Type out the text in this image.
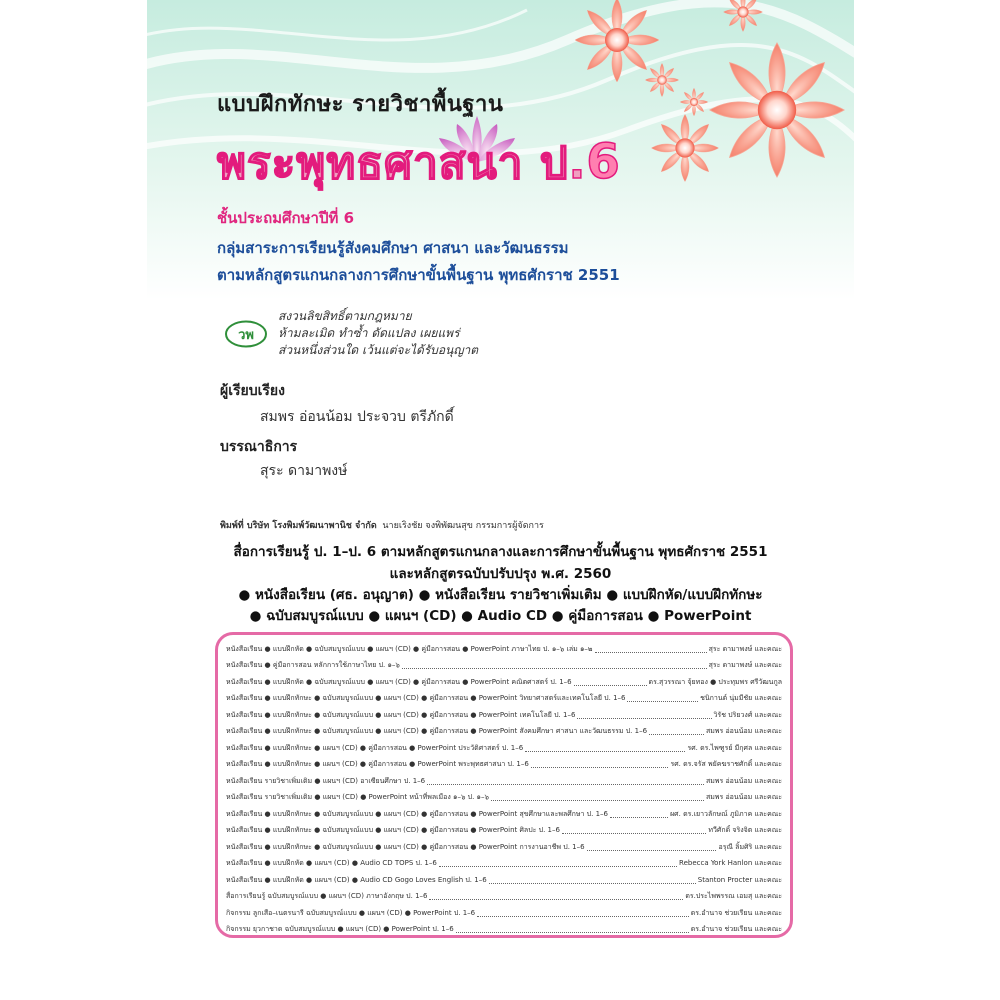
แบบฝึกทักษะ รายวิชาพื้นฐาน
พระพุทธศาสนา ป.6
ชั้นประถมศึกษาปีที่ 6
กลุ่มสาระการเรียนรู้สังคมศึกษา ศาสนา และวัฒนธรรม
ตามหลักสูตรแกนกลางการศึกษาขั้นพื้นฐาน พุทธศักราช 2551
วพ
สงวนลิขสิทธิ์ตามกฎหมาย
ห้ามละเมิด ทำซ้ำ ดัดแปลง เผยแพร่
ส่วนหนึ่งส่วนใด เว้นแต่จะได้รับอนุญาต
ผู้เรียบเรียง
สมพร อ่อนน้อม ประจวบ ตรีภักดี์
บรรณาธิการ
สุระ ดามาพงษ์
พิมพ์ที่ บริษัท โรงพิมพ์วัฒนาพานิช จำกัด นายเริงชัย จงพิพัฒนสุข กรรมการผู้จัดการ
สื่อการเรียนรู้ ป. 1–ป. 6 ตามหลักสูตรแกนกลางและการศึกษาขั้นพื้นฐาน พุทธศักราช 2551
และหลักสูตรฉบับปรับปรุง พ.ศ. 2560
● หนังสือเรียน (ศธ. อนุญาต) ● หนังสือเรียน รายวิชาเพิ่มเติม ● แบบฝึกหัด/แบบฝึกทักษะ
● ฉบับสมบูรณ์แบบ ● แผนฯ (CD) ● Audio CD ● คู่มือการสอน ● PowerPoint
หนังสือเรียน ● แบบฝึกหัด ● ฉบับสมบูรณ์แบบ ● แผนฯ (CD) ● คู่มือการสอน ● PowerPoint ภาษาไทย ป. ๑–๖ เล่ม ๑–๒	สุระ ดามาพงษ์ และคณะ
หนังสือเรียน ● คู่มือการสอน หลักการใช้ภาษาไทย ป. ๑–๖	สุระ ดามาพงษ์ และคณะ
หนังสือเรียน ● แบบฝึกหัด ● ฉบับสมบูรณ์แบบ ● แผนฯ (CD) ● คู่มือการสอน ● PowerPoint คณิตศาสตร์ ป. 1–6	ดร.สุวรรณา จุ้ยทอง ● ประทุมพร ศรีวัฒนกูล
หนังสือเรียน ● แบบฝึกทักษะ ● ฉบับสมบูรณ์แบบ ● แผนฯ (CD) ● คู่มือการสอน ● PowerPoint วิทยาศาสตร์และเทคโนโลยี ป. 1–6	ชนิกานต์ นุ่มมีชัย และคณะ
หนังสือเรียน ● แบบฝึกทักษะ ● ฉบับสมบูรณ์แบบ ● แผนฯ (CD) ● คู่มือการสอน ● PowerPoint เทคโนโลยี ป. 1–6	วิรัช ปริยวงศ์ และคณะ
หนังสือเรียน ● แบบฝึกทักษะ ● ฉบับสมบูรณ์แบบ ● แผนฯ (CD) ● คู่มือการสอน ● PowerPoint สังคมศึกษา ศาสนา และวัฒนธรรม ป. 1–6	สมพร อ่อนน้อม และคณะ
หนังสือเรียน ● แบบฝึกทักษะ ● แผนฯ (CD) ● คู่มือการสอน ● PowerPoint ประวัติศาสตร์ ป. 1–6	รศ. ดร.ไพฑูรย์ มีกุศล และคณะ
หนังสือเรียน ● แบบฝึกทักษะ ● แผนฯ (CD) ● คู่มือการสอน ● PowerPoint พระพุทธศาสนา ป. 1–6	รศ. ดร.จรัส พยัคฆราชศักดิ์ และคณะ
หนังสือเรียน รายวิชาเพิ่มเติม ● แผนฯ (CD) อาเซียนศึกษา ป. 1–6	สมพร อ่อนน้อม และคณะ
หนังสือเรียน รายวิชาเพิ่มเติม ● แผนฯ (CD) ● PowerPoint หน้าที่พลเมือง ๑–๖ ป. ๑–๖	สมพร อ่อนน้อม และคณะ
หนังสือเรียน ● แบบฝึกทักษะ ● ฉบับสมบูรณ์แบบ ● แผนฯ (CD) ● คู่มือการสอน ● PowerPoint สุขศึกษาและพลศึกษา ป. 1–6	ผศ. ดร.เยาวลักษณ์ ภูมิภาค และคณะ
หนังสือเรียน ● แบบฝึกทักษะ ● ฉบับสมบูรณ์แบบ ● แผนฯ (CD) ● คู่มือการสอน ● PowerPoint ศิลปะ ป. 1–6	ทวีศักดิ์ จริงจิต และคณะ
หนังสือเรียน ● แบบฝึกทักษะ ● ฉบับสมบูรณ์แบบ ● แผนฯ (CD) ● คู่มือการสอน ● PowerPoint การงานอาชีพ ป. 1–6	อรุณี ลิ้มศิริ และคณะ
หนังสือเรียน ● แบบฝึกหัด ● แผนฯ (CD) ● Audio CD TOPS ป. 1–6	Rebecca York Hanlon และคณะ
หนังสือเรียน ● แบบฝึกหัด ● แผนฯ (CD) ● Audio CD Gogo Loves English ป. 1–6	Stanton Procter และคณะ
สื่อการเรียนรู้ ฉบับสมบูรณ์แบบ ● แผนฯ (CD) ภาษาอังกฤษ ป. 1–6	ดร.ประไพพรรณ เอมสุ และคณะ
กิจกรรม ลูกเสือ–เนตรนารี ฉบับสมบูรณ์แบบ ● แผนฯ (CD) ● PowerPoint ป. 1–6	ดร.อำนาจ ช่วยเรียน และคณะ
กิจกรรม ยุวกาชาด ฉบับสมบูรณ์แบบ ● แผนฯ (CD) ● PowerPoint ป. 1–6	ดร.อำนาจ ช่วยเรียน และคณะ
